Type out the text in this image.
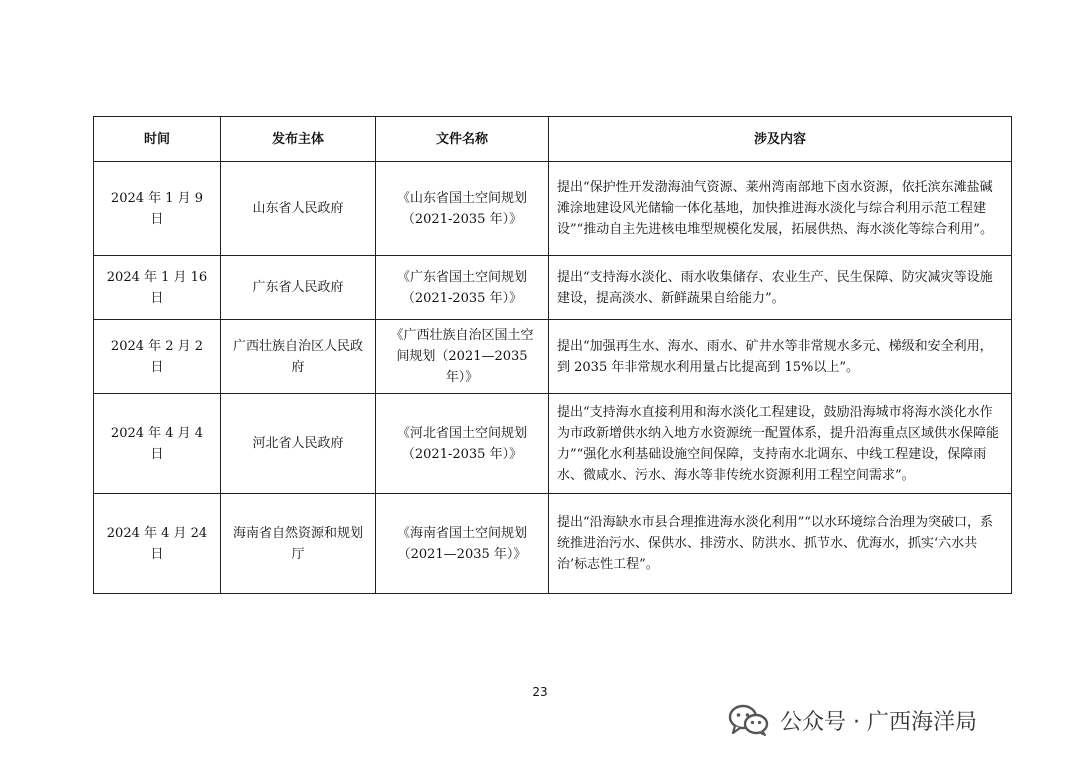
时间	发布主体	文件名称	涉及内容
2024 年 1 月 9 日	山东省人民政府	《山东省国土空间规划（2021-2035 年）》	提出“保护性开发渤海油气资源、莱州湾南部地下卤水资源，依托滨东滩盐碱滩涂地建设风光储输一体化基地，加快推进海水淡化与综合利用示范工程建设”“推动自主先进核电堆型规模化发展，拓展供热、海水淡化等综合利用”。
2024 年 1 月 16 日	广东省人民政府	《广东省国土空间规划（2021-2035 年）》	提出“支持海水淡化、雨水收集储存、农业生产、民生保障、防灾减灾等设施建设，提高淡水、新鲜蔬果自给能力”。
2024 年 2 月 2 日	广西壮族自治区人民政府	《广西壮族自治区国土空间规划（2021—2035 年）》	提出“加强再生水、海水、雨水、矿井水等非常规水多元、梯级和安全利用，到 2035 年非常规水利用量占比提高到 15%以上”。
2024 年 4 月 4 日	河北省人民政府	《河北省国土空间规划（2021-2035 年）》	提出“支持海水直接利用和海水淡化工程建设，鼓励沿海城市将海水淡化水作为市政新增供水纳入地方水资源统一配置体系，提升沿海重点区域供水保障能力”“强化水利基础设施空间保障，支持南水北调东、中线工程建设，保障雨水、微咸水、污水、海水等非传统水资源利用工程空间需求”。
2024 年 4 月 24 日	海南省自然资源和规划厅	《海南省国土空间规划（2021—2035 年）》	提出“沿海缺水市县合理推进海水淡化利用”“以水环境综合治理为突破口，系统推进治污水、保供水、排涝水、防洪水、抓节水、优海水，抓实‘六水共治’标志性工程”。
23
公众号 · 广西海洋局
